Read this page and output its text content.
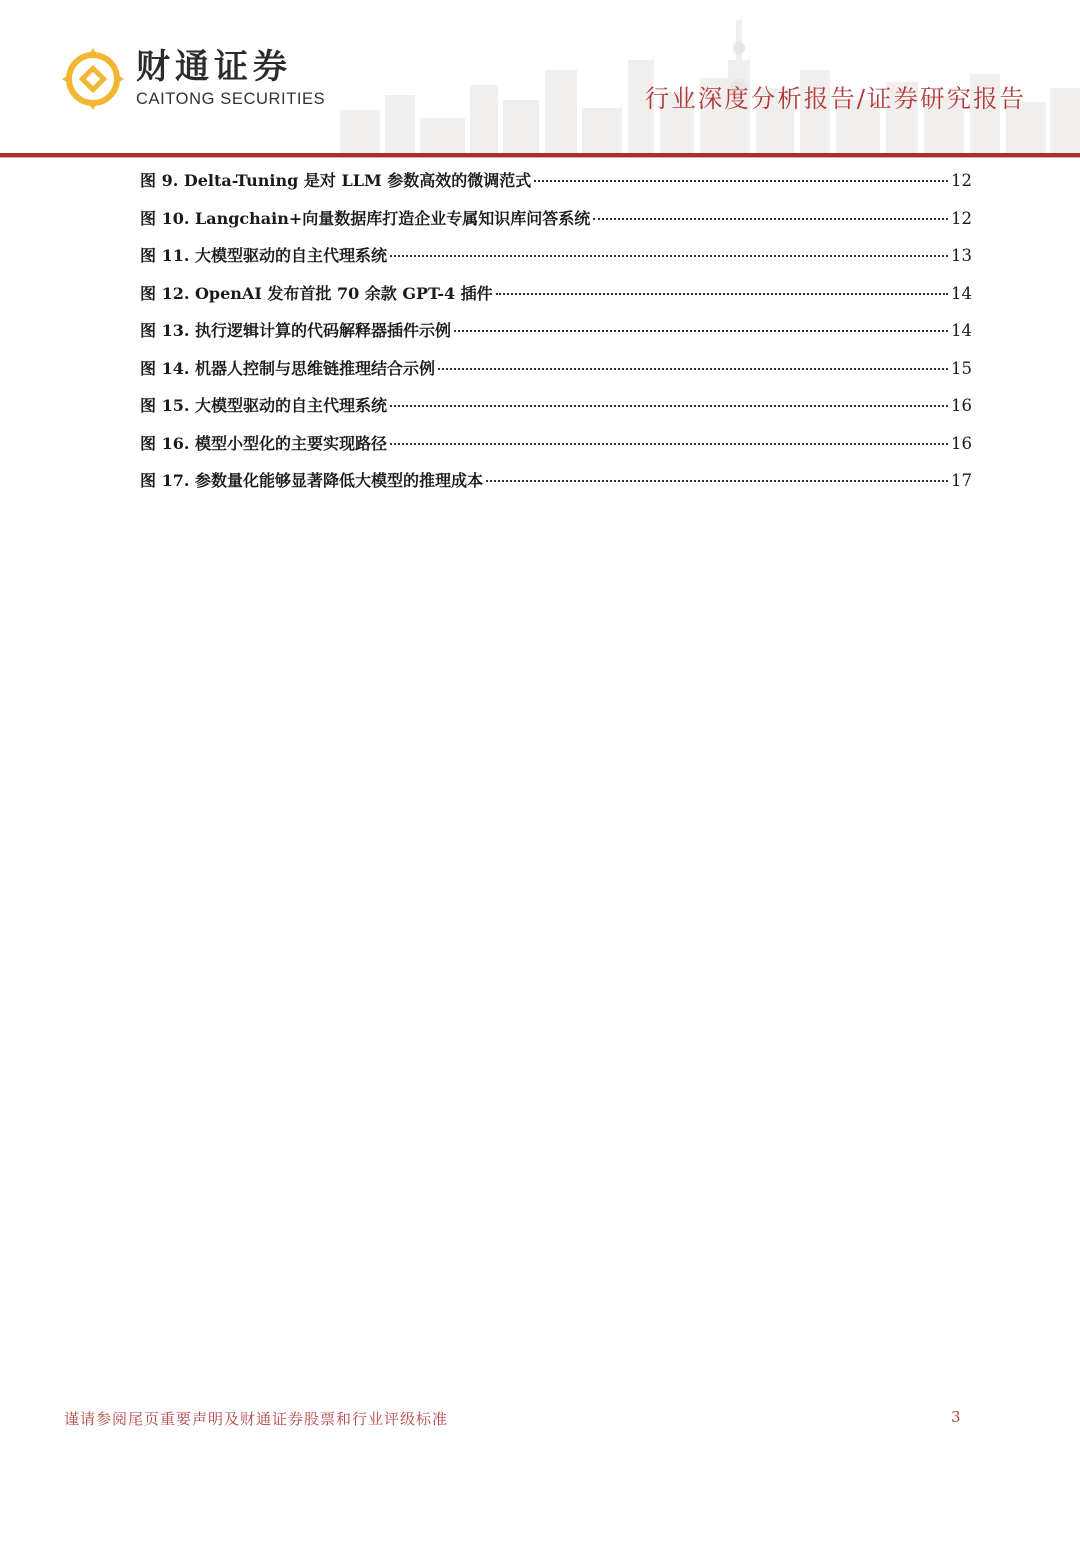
财通证券
CAITONG SECURITIES	行业深度分析报告/证券研究报告
图 9. Delta-Tuning 是对 LLM 参数高效的微调范式	12
图 10. Langchain+向量数据库打造企业专属知识库问答系统	12
图 11. 大模型驱动的自主代理系统	13
图 12. OpenAI 发布首批 70 余款 GPT-4 插件	14
图 13. 执行逻辑计算的代码解释器插件示例	14
图 14. 机器人控制与思维链推理结合示例	15
图 15. 大模型驱动的自主代理系统	16
图 16. 模型小型化的主要实现路径	16
图 17. 参数量化能够显著降低大模型的推理成本	17
谨请参阅尾页重要声明及财通证券股票和行业评级标准	3
